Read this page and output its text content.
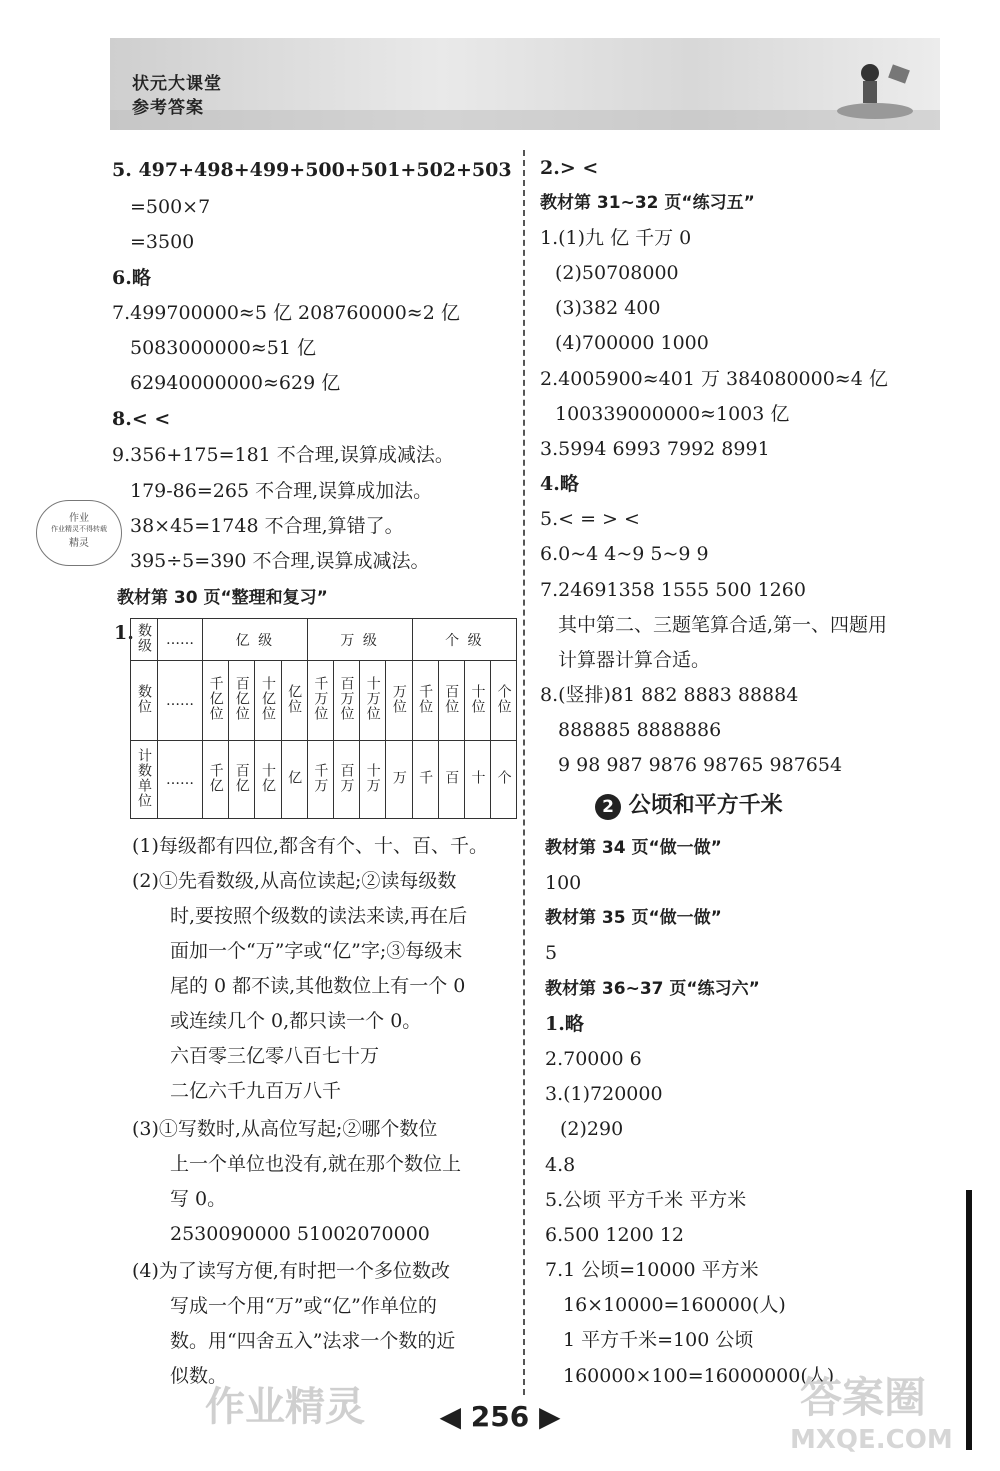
状元大课堂
参考答案
5. 497+498+499+500+501+502+503
=500×7
=3500
6.略
7.499700000≈5 亿 208760000≈2 亿
5083000000≈51 亿
62940000000≈629 亿
8.< <
9.356+175=181 不合理,误算成减法。
179-86=265 不合理,误算成加法。
38×45=1748 不合理,算错了。
395÷5=390 不合理,误算成减法。
教材第 30 页“整理和复习”
1. 数级	……	亿 级				万 级				个 级			
数位	……	千亿位	百亿位	十亿位	亿位	千万位	百万位	十万位	万位	千位	百位	十位	个位
计数单位	……	千亿	百亿	十亿	亿	千万	百万	十万	万	千	百	十	个
作业
作业精灵不得转载
精灵
(1)每级都有四位,都含有个、十、百、千。
(2)①先看数级,从高位读起;②读每级数
时,要按照个级数的读法来读,再在后
面加一个“万”字或“亿”字;③每级末
尾的 0 都不读,其他数位上有一个 0
或连续几个 0,都只读一个 0。
六百零三亿零八百七十万
二亿六千九百万八千
(3)①写数时,从高位写起;②哪个数位
上一个单位也没有,就在那个数位上
写 0。
2530090000 51002070000
(4)为了读写方便,有时把一个多位数改
写成一个用“万”或“亿”作单位的
数。用“四舍五入”法求一个数的近
似数。
2.> <
教材第 31~32 页“练习五”
1.(1)九 亿 千万 0
(2)50708000
(3)382 400
(4)700000 1000
2.4005900≈401 万 384080000≈4 亿
100339000000≈1003 亿
3.5994 6993 7992 8991
4.略
5.< = > <
6.0~4 4~9 5~9 9
7.24691358 1555 500 1260
其中第二、三题笔算合适,第一、四题用
计算器计算合适。
8.(竖排)81 882 8883 88884
888885 8888886
9 98 987 9876 98765 987654
教材第 34 页“做一做”
100
教材第 35 页“做一做”
5
教材第 36~37 页“练习六”
1.略
2.70000 6
3.(1)720000
(2)290
4.8
5.公顷 平方千米 平方米
6.500 1200 12
7.1 公顷=10000 平方米
16×10000=160000(人)
1 平方千米=100 公顷
160000×100=16000000(人)
2 公顷和平方千米
◀ 256 ▶
作业精灵	答案圈
MXQE.COM
